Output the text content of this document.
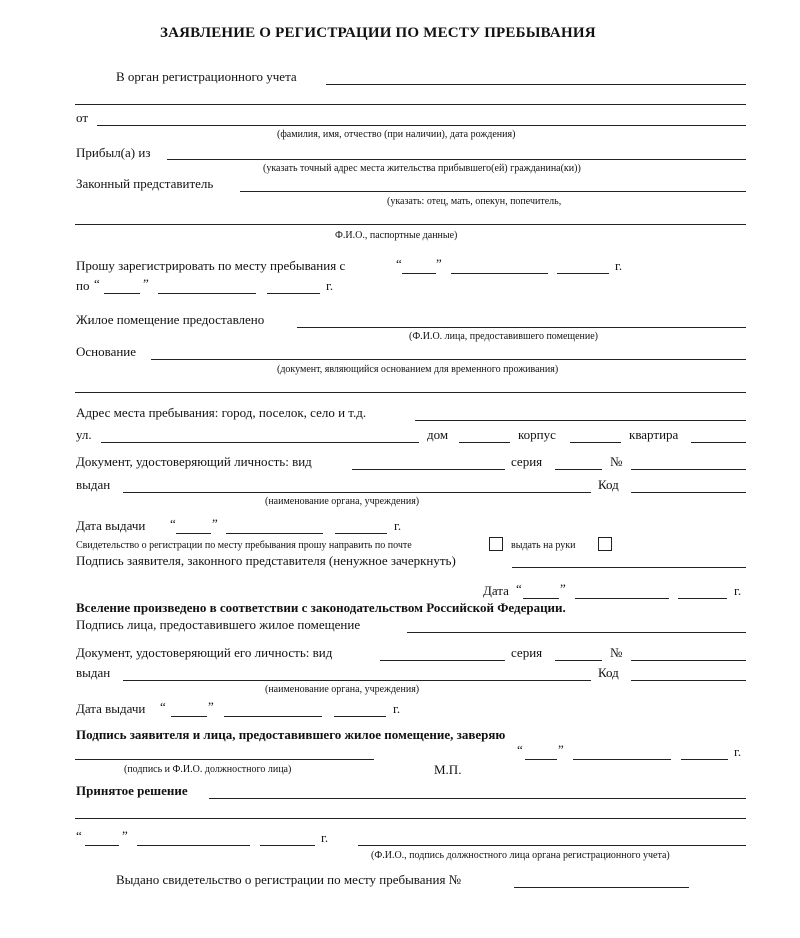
ЗАЯВЛЕНИЕ О РЕГИСТРАЦИИ ПО МЕСТУ ПРЕБЫВАНИЯ
В орган регистрационного учета
от
(фамилия, имя, отчество (при наличии), дата рождения)
Прибыл(а) из
(указать точный адрес места жительства прибывшего(ей) гражданина(ки))
Законный представитель
(указать: отец, мать, опекун, попечитель,
Ф.И.О., паспортные данные)
Прошу зарегистрировать по месту пребывания с	“	”	г.
по “	”	г.
Жилое помещение предоставлено
(Ф.И.О. лица, предоставившего помещение)
Основание
(документ, являющийся основанием для временного проживания)
Адрес места пребывания: город, поселок, село и т.д.
ул.	дом	корпус	квартира
Документ, удостоверяющий личность: вид	серия	№
выдан	Код
(наименование органа, учреждения)
Дата выдачи “	”	г.
Свидетельство о регистрации по месту пребывания прошу направить по почте	выдать на руки
Подпись заявителя, законного представителя (ненужное зачеркнуть)
Дата “	”	г.
Вселение произведено в соответствии с законодательством Российской Федерации.
Подпись лица, предоставившего жилое помещение
Документ, удостоверяющий его личность: вид	серия	№
выдан	Код
(наименование органа, учреждения)
Дата выдачи “	”	г.
Подпись заявителя и лица, предоставившего жилое помещение, заверяю
(подпись и Ф.И.О. должностного лица)	М.П.
“	”	г.
Принятое решение
“	”	г.
(Ф.И.О., подпись должностного лица органа регистрационного учета)
Выдано свидетельство о регистрации по месту пребывания №
